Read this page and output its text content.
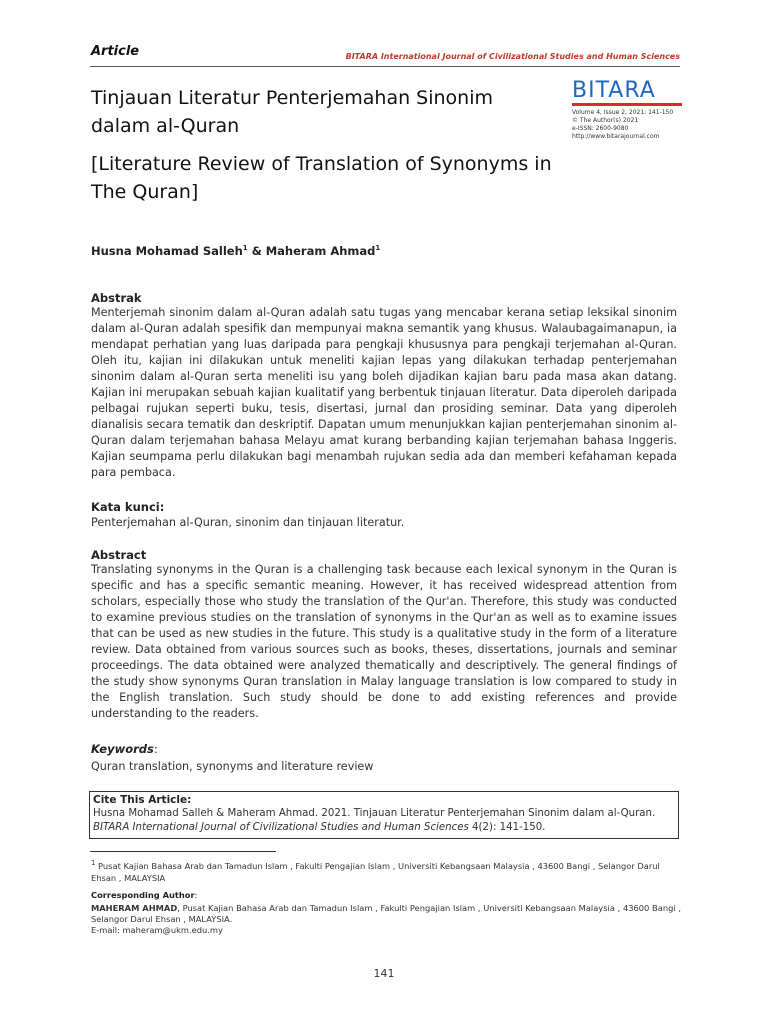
Article	BITARA International Journal of Civilizational Studies and Human Sciences
Tinjauan Literatur Penterjemahan Sinonim dalam al-Quran
[Literature Review of Translation of Synonyms in The Quran]
BITARA
Volume 4, Issue 2, 2021: 141-150
© The Author(s) 2021
e-ISSN: 2600-9080
http://www.bitarajournal.com
Husna Mohamad Salleh$^1$ & Maheram Ahmad$^1$
Abstrak
Menterjemah sinonim dalam al-Quran adalah satu tugas yang mencabar kerana setiap leksikal sinonim dalam al-Quran adalah spesifik dan mempunyai makna semantik yang khusus. Walaubagaimanapun, ia mendapat perhatian yang luas daripada para pengkaji khususnya para pengkaji terjemahan al-Quran. Oleh itu, kajian ini dilakukan untuk meneliti kajian lepas yang dilakukan terhadap penterjemahan sinonim dalam al-Quran serta meneliti isu yang boleh dijadikan kajian baru pada masa akan datang. Kajian ini merupakan sebuah kajian kualitatif yang berbentuk tinjauan literatur. Data diperoleh daripada pelbagai rujukan seperti buku, tesis, disertasi, jurnal dan prosiding seminar. Data yang diperoleh dianalisis secara tematik dan deskriptif. Dapatan umum menunjukkan kajian penterjemahan sinonim al-Quran dalam terjemahan bahasa Melayu amat kurang berbanding kajian terjemahan bahasa Inggeris. Kajian seumpama perlu dilakukan bagi menambah rujukan sedia ada dan memberi kefahaman kepada para pembaca.
Kata kunci:
Penterjemahan al-Quran, sinonim dan tinjauan literatur.
Abstract
Translating synonyms in the Quran is a challenging task because each lexical synonym in the Quran is specific and has a specific semantic meaning. However, it has received widespread attention from scholars, especially those who study the translation of the Qur'an. Therefore, this study was conducted to examine previous studies on the translation of synonyms in the Qur'an as well as to examine issues that can be used as new studies in the future. This study is a qualitative study in the form of a literature review. Data obtained from various sources such as books, theses, dissertations, journals and seminar proceedings. The data obtained were analyzed thematically and descriptively. The general findings of the study show synonyms Quran translation in Malay language translation is low compared to study in the English translation. Such study should be done to add existing references and provide understanding to the readers.
Keywords:
Quran translation, synonyms and literature review
Cite This Article:
Husna Mohamad Salleh & Maheram Ahmad. 2021. Tinjauan Literatur Penterjemahan Sinonim dalam al-Quran.
BITARA International Journal of Civilizational Studies and Human Sciences 4(2): 141-150.
$^1$ Pusat Kajian Bahasa Arab dan Tamadun Islam , Fakulti Pengajian Islam , Universiti Kebangsaan Malaysia , 43600 Bangi , Selangor Darul Ehsan , MALAYSIA
Corresponding Author:
MAHERAM AHMAD, Pusat Kajian Bahasa Arab dan Tamadun Islam , Fakulti Pengajian Islam , Universiti Kebangsaan Malaysia , 43600 Bangi , Selangor Darul Ehsan , MALAYSIA.
E-mail: maheram@ukm.edu.my
141
